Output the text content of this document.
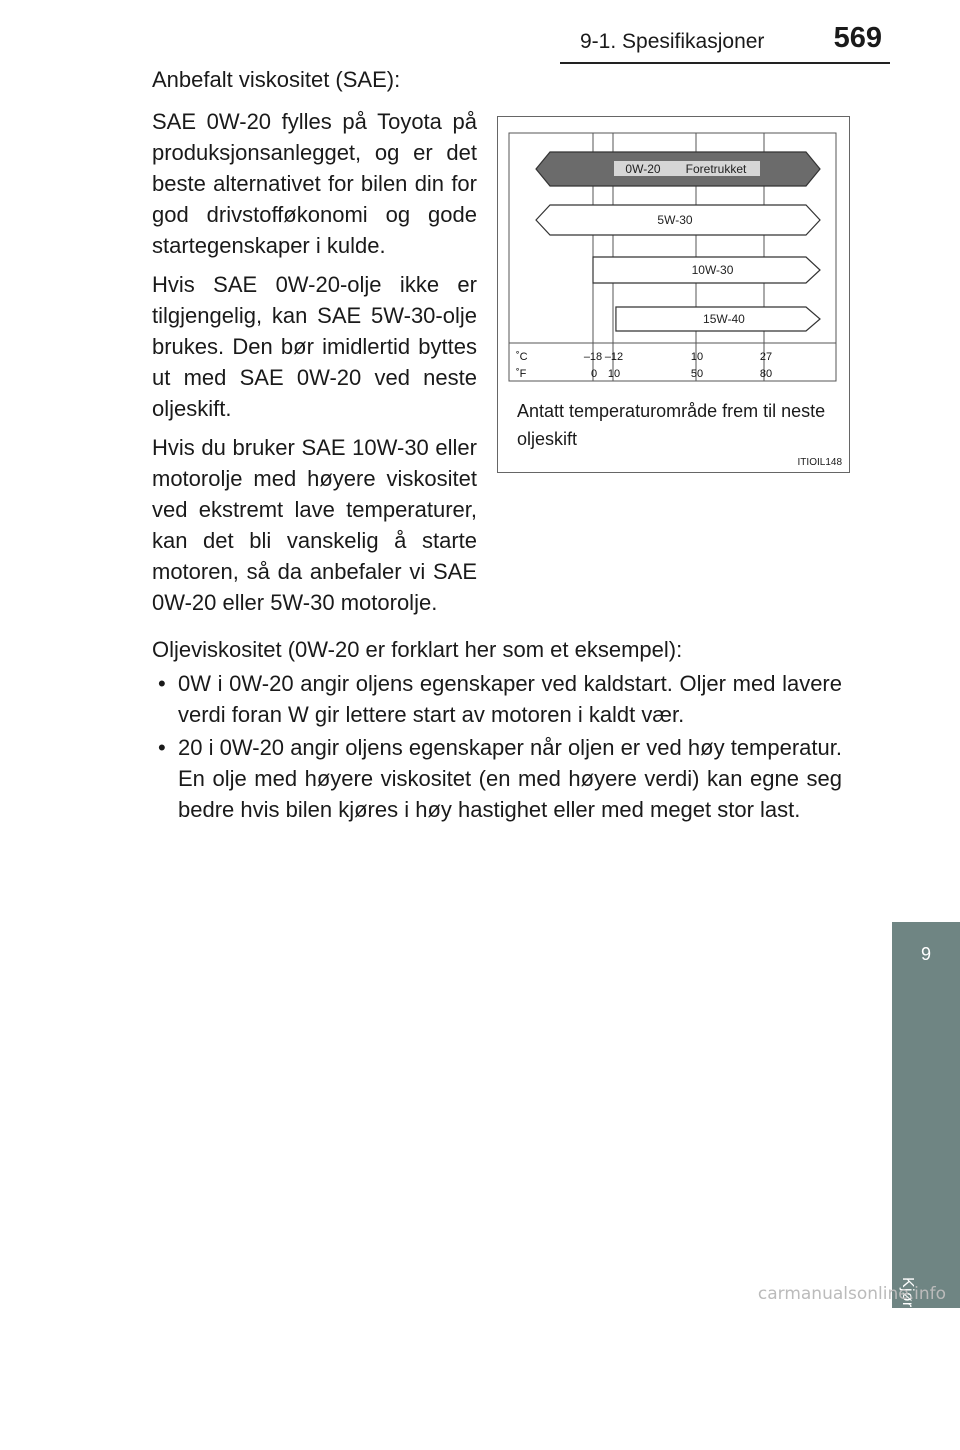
9-1. Spesifikasjoner 569
9
Kjøretøyspesifikasjoner
Anbefalt viskositet (SAE):

SAE 0W-20 fylles på Toyota på produksjonsanlegget, og er det beste alternativet for bilen din for god drivstofføkonomi og gode startegenskaper i kulde.

Hvis SAE 0W-20-olje ikke er tilgjengelig, kan SAE 5W-30-olje brukes. Den bør imidlertid byttes ut med SAE 0W-20 ved neste oljeskift.

Hvis du bruker SAE 10W-30 eller motorolje med høyere viskositet ved ekstremt lave temperaturer, kan det bli vanskelig å starte motoren, så da anbefaler vi SAE 0W-20 eller 5W-30 motorolje.

0W-20 Foretrukket
5W-30
10W-30
15W-40
˚C
˚F
–18 –12	10	27
0 10	50	80
Antatt temperaturområde frem til neste oljeskift
ITIOIL148

Oljeviskositet (0W-20 er forklart her som et eksempel):

• 0W i 0W-20 angir oljens egenskaper ved kaldstart. Oljer med lavere verdi foran W gir lettere start av motoren i kaldt vær.
• 20 i 0W-20 angir oljens egenskaper når oljen er ved høy temperatur. En olje med høyere viskositet (en med høyere verdi) kan egne seg bedre hvis bilen kjøres i høy hastighet eller med meget stor last.
carmanualsonline.info
